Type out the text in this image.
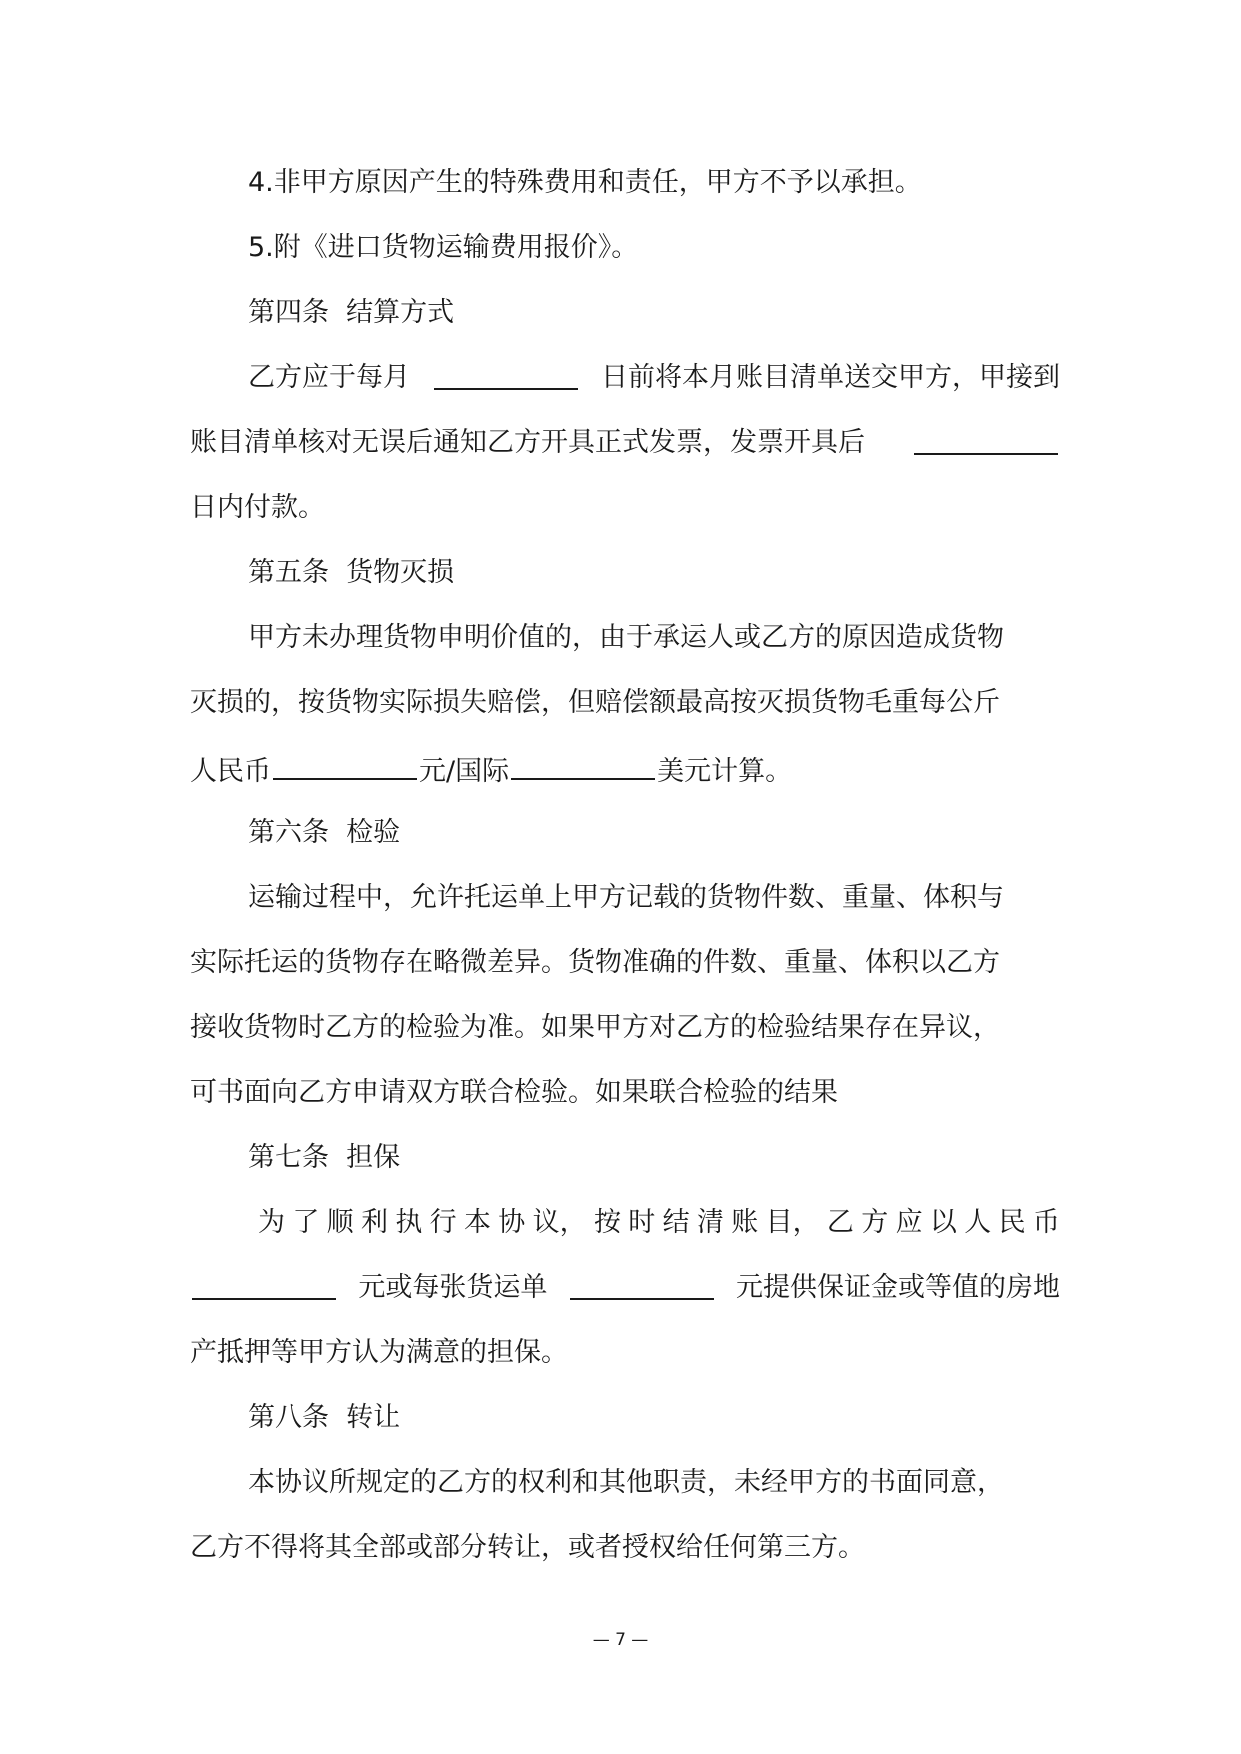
4.非甲方原因产生的特殊费用和责任，甲方不予以承担。
5.附《进口货物运输费用报价》。
第四条  结算方式
乙方应于每月	日前将本月账目清单送交甲方，甲接到
账目清单核对无误后通知乙方开具正式发票，发票开具后
日内付款。
第五条  货物灭损
甲方未办理货物申明价值的，由于承运人或乙方的原因造成货物
灭损的，按货物实际损失赔偿，但赔偿额最高按灭损货物毛重每公斤
人民币	元/国际	美元计算。
第六条  检验
运输过程中，允许托运单上甲方记载的货物件数、重量、体积与
实际托运的货物存在略微差异。货物准确的件数、重量、体积以乙方
接收货物时乙方的检验为准。如果甲方对乙方的检验结果存在异议，
可书面向乙方申请双方联合检验。如果联合检验的结果
第七条  担保
为 了 顺 利 执 行 本 协 议， 按 时 结 清 账 目， 乙 方 应 以 人 民 币
元或每张货运单	元提供保证金或等值的房地
产抵押等甲方认为满意的担保。
第八条  转让
本协议所规定的乙方的权利和其他职责，未经甲方的书面同意，
乙方不得将其全部或部分转让，或者授权给任何第三方。
— 7 —
